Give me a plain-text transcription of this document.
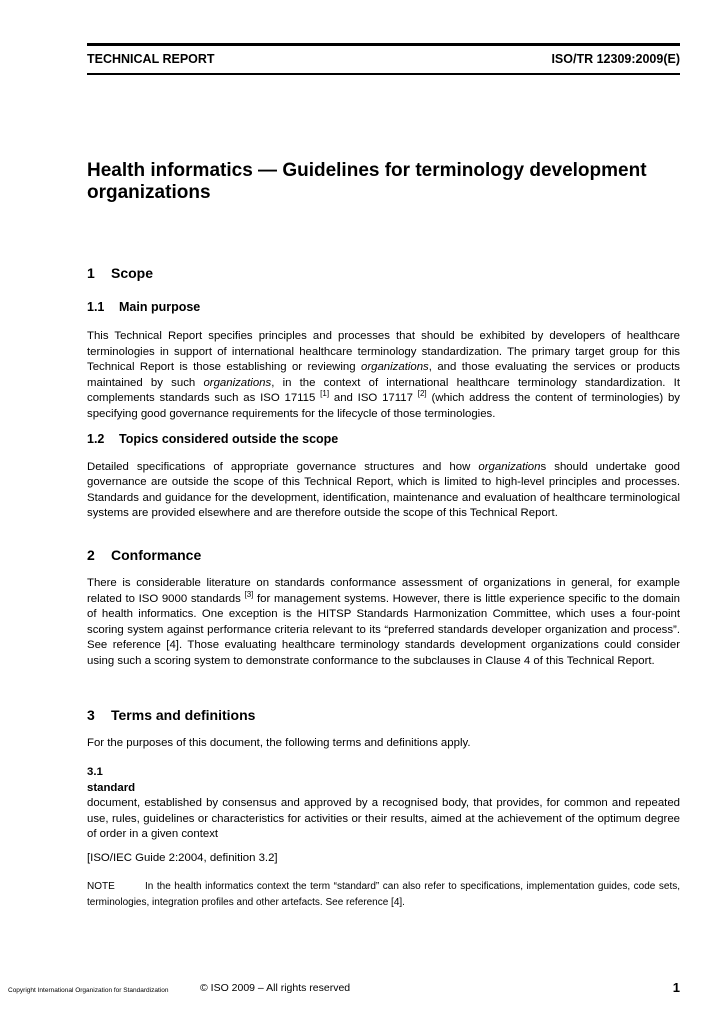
TECHNICAL REPORT	ISO/TR 12309:2009(E)
Health informatics — Guidelines for terminology development organizations
1 Scope
1.1 Main purpose

This Technical Report specifies principles and processes that should be exhibited by developers of healthcare terminologies in support of international healthcare terminology standardization. The primary target group for this Technical Report is those establishing or reviewing organizations, and those evaluating the services or products maintained by such organizations, in the context of international healthcare terminology standardization. It complements standards such as ISO 17115 [1] and ISO 17117 [2] (which address the content of terminologies) by specifying good governance requirements for the lifecycle of those terminologies.

1.2 Topics considered outside the scope

Detailed specifications of appropriate governance structures and how organizations should undertake good governance are outside the scope of this Technical Report, which is limited to high-level principles and processes. Standards and guidance for the development, identification, maintenance and evaluation of healthcare terminological systems are provided elsewhere and are therefore outside the scope of this Technical Report.

2 Conformance

There is considerable literature on standards conformance assessment of organizations in general, for example related to ISO 9000 standards [3] for management systems. However, there is little experience specific to the domain of health informatics. One exception is the HITSP Standards Harmonization Committee, which uses a four-point scoring system against performance criteria relevant to its “preferred standards developer organization and process”. See reference [4]. Those evaluating healthcare terminology standards development organizations could consider using such a scoring system to demonstrate conformance to the subclauses in Clause 4 of this Technical Report.

3 Terms and definitions

For the purposes of this document, the following terms and definitions apply.

3.1
standard

document, established by consensus and approved by a recognised body, that provides, for common and repeated use, rules, guidelines or characteristics for activities or their results, aimed at the achievement of the optimum degree of order in a given context

[ISO/IEC Guide 2:2004, definition 3.2]

NOTE	In the health informatics context the term “standard” can also refer to specifications, implementation guides, code sets, terminologies, integration profiles and other artefacts. See reference [4].
Copyright International Organization for Standardization	© ISO 2009 – All rights reserved	1
